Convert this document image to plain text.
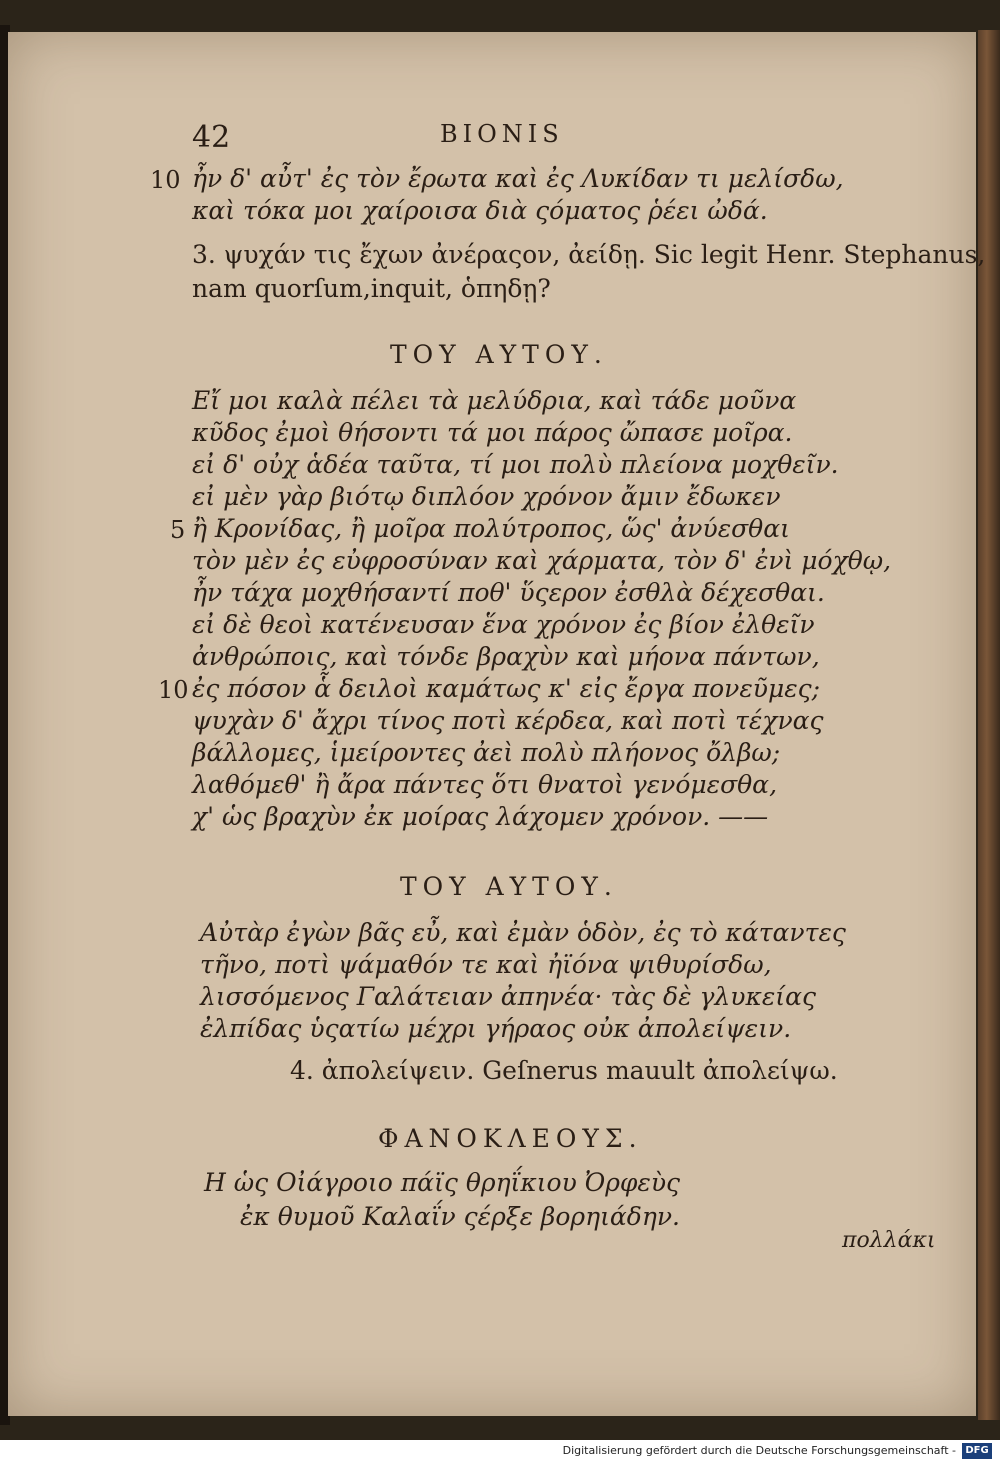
42	BIONIS
10 ἦν δ' αὖτ' ἐς τὸν ἔρωτα καὶ ἐς Λυκίδαν τι μελίσδω,
καὶ τόκα μοι χαίροισα διὰ ςόματος ῥέει ὠδά.
3. ψυχάν τις ἔχων ἀνέραςον, ἀείδῃ. Sic legit Henr. Stephanus,
nam quorſum,inquit, ὁπηδῃ?
ΤΟΥ ΑΥΤΟΥ.
Εἴ μοι καλὰ πέλει τὰ μελύδρια, καὶ τάδε μοῦνα
κῦδος ἐμοὶ θήσοντι τά μοι πάρος ὤπασε μοῖρα.
εἰ δ' οὐχ ἁδέα ταῦτα, τί μοι πολὺ πλείονα μοχθεῖν.
εἰ μὲν γὰρ βιότῳ διπλόον χρόνον ἄμιν ἔδωκεν
5 ἢ Κρονίδας, ἢ μοῖρα πολύτροπος, ὥς' ἀνύεσθαι
τὸν μὲν ἐς εὐφροσύναν καὶ χάρματα, τὸν δ' ἐνὶ μόχθῳ,
ἦν τάχα μοχθήσαντί ποθ' ὕςερον ἐσθλὰ δέχεσθαι.
εἰ δὲ θεοὶ κατένευσαν ἕνα χρόνον ἐς βίον ἐλθεῖν
ἀνθρώποις, καὶ τόνδε βραχὺν καὶ μήονα πάντων,
10 ἐς πόσον ἇ δειλοὶ καμάτως κ' εἰς ἔργα πονεῦμες;
ψυχὰν δ' ἄχρι τίνος ποτὶ κέρδεα, καὶ ποτὶ τέχνας
βάλλομες, ἱμείροντες ἀεὶ πολὺ πλήονος ὄλβω;
λαθόμεθ' ἢ ἄρα πάντες ὅτι θνατοὶ γενόμεσθα,
χ' ὡς βραχὺν ἐκ μοίρας λάχομεν χρόνον. ——
ΤΟΥ ΑΥΤΟΥ.
Αὐτὰρ ἐγὼν βᾶς εὖ, καὶ ἐμὰν ὁδὸν, ἐς τὸ κάταντες
τῆνο, ποτὶ ψάμαθόν τε καὶ ἠϊόνα ψιθυρίσδω,
λισσόμενος Γαλάτειαν ἀπηνέα· τὰς δὲ γλυκείας
ἐλπίδας ὑςατίω μέχρι γήραος οὐκ ἀπολείψειν.
4. ἀπολείψειν. Geſnerus mauult ἀπολείψω.
ΦΑΝΟΚΛΕΟΥΣ.
Η ὡς Οἰάγροιο πάϊς θρηΐκιου Ὀρφεὺς
ἐκ θυμοῦ Καλαΐν ςέρξε βορηιάδην.
πολλάκι
Digitalisierung gefördert durch die Deutsche Forschungsgemeinschaft - DFG
